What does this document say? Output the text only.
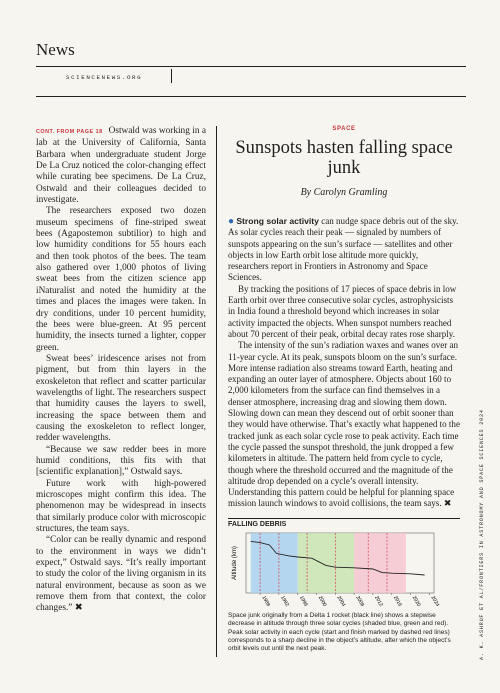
News
SCIENCENEWS.ORG

CONT. FROM PAGE 18 Ostwald was working in a lab at the University of California, Santa Barbara when undergraduate student Jorge De La Cruz noticed the color-changing effect while curating bee specimens. De La Cruz, Ostwald and their colleagues decided to investigate.

The researchers exposed two dozen museum specimens of fine-striped sweat bees (Agapostemon subtilior) to high and low humidity conditions for 55 hours each and then took photos of the bees. The team also gathered over 1,000 photos of living sweat bees from the citizen science app iNaturalist and noted the humidity at the times and places the images were taken. In dry conditions, under 10 percent humidity, the bees were blue-green. At 95 percent humidity, the insects turned a lighter, copper green.

Sweat bees’ iridescence arises not from pigment, but from thin layers in the exoskeleton that reflect and scatter particular wavelengths of light. The researchers suspect that humidity causes the layers to swell, increasing the space between them and causing the exoskeleton to reflect longer, redder wavelengths.

“Because we saw redder bees in more humid conditions, this fits with that [scientific explanation],” Ostwald says.

Future work with high-powered microscopes might confirm this idea. The phenomenon may be widespread in insects that similarly produce color with microscopic structures, the team says.

“Color can be really dynamic and respond to the environment in ways we didn’t expect,” Ostwald says. “It’s really important to study the color of the living organism in its natural environment, because as soon as we remove them from that context, the color changes.” ✖

SPACE
Sunspots hasten falling space junk
By Carolyn Gramling

● Strong solar activity can nudge space debris out of the sky. As solar cycles reach their peak — signaled by numbers of sunspots appearing on the sun’s surface — satellites and other objects in low Earth orbit lose altitude more quickly, researchers report in Frontiers in Astronomy and Space Sciences.

By tracking the positions of 17 pieces of space debris in low Earth orbit over three consecutive solar cycles, astrophysicists in India found a threshold beyond which increases in solar activity impacted the objects. When sunspot numbers reached about 70 percent of their peak, orbital decay rates rose sharply.

The intensity of the sun’s radiation waxes and wanes over an 11-year cycle. At its peak, sunspots bloom on the sun’s surface. More intense radiation also streams toward Earth, heating and expanding an outer layer of atmosphere. Objects about 160 to 2,000 kilometers from the surface can find themselves in a denser atmosphere, increasing drag and slowing them down. Slowing down can mean they descend out of orbit sooner than they would have otherwise. That’s exactly what happened to the tracked junk as each solar cycle rose to peak activity. Each time the cycle passed the sunspot threshold, the junk dropped a few kilometers in altitude. The pattern held from cycle to cycle, though where the threshold occurred and the magnitude of the altitude drop depended on a cycle’s overall intensity. Understanding this pattern could be helpful for planning space mission launch windows to avoid collisions, the team says. ✖

FALLING DEBRIS
Altitude (km)
1988 1992 1996 2000 2004 2008 2012 2016 2020 2024
Space junk originally from a Delta 1 rocket (black line) shows a stepwise decrease in altitude through three solar cycles (shaded blue, green and red). Peak solar activity in each cycle (start and finish marked by dashed red lines) corresponds to a sharp decline in the object’s altitude, after which the object’s orbit levels out until the next peak.	A. K. ASHRUF ET AL/FRONTIERS IN ASTRONOMY AND SPACE SCIENCES 2024
